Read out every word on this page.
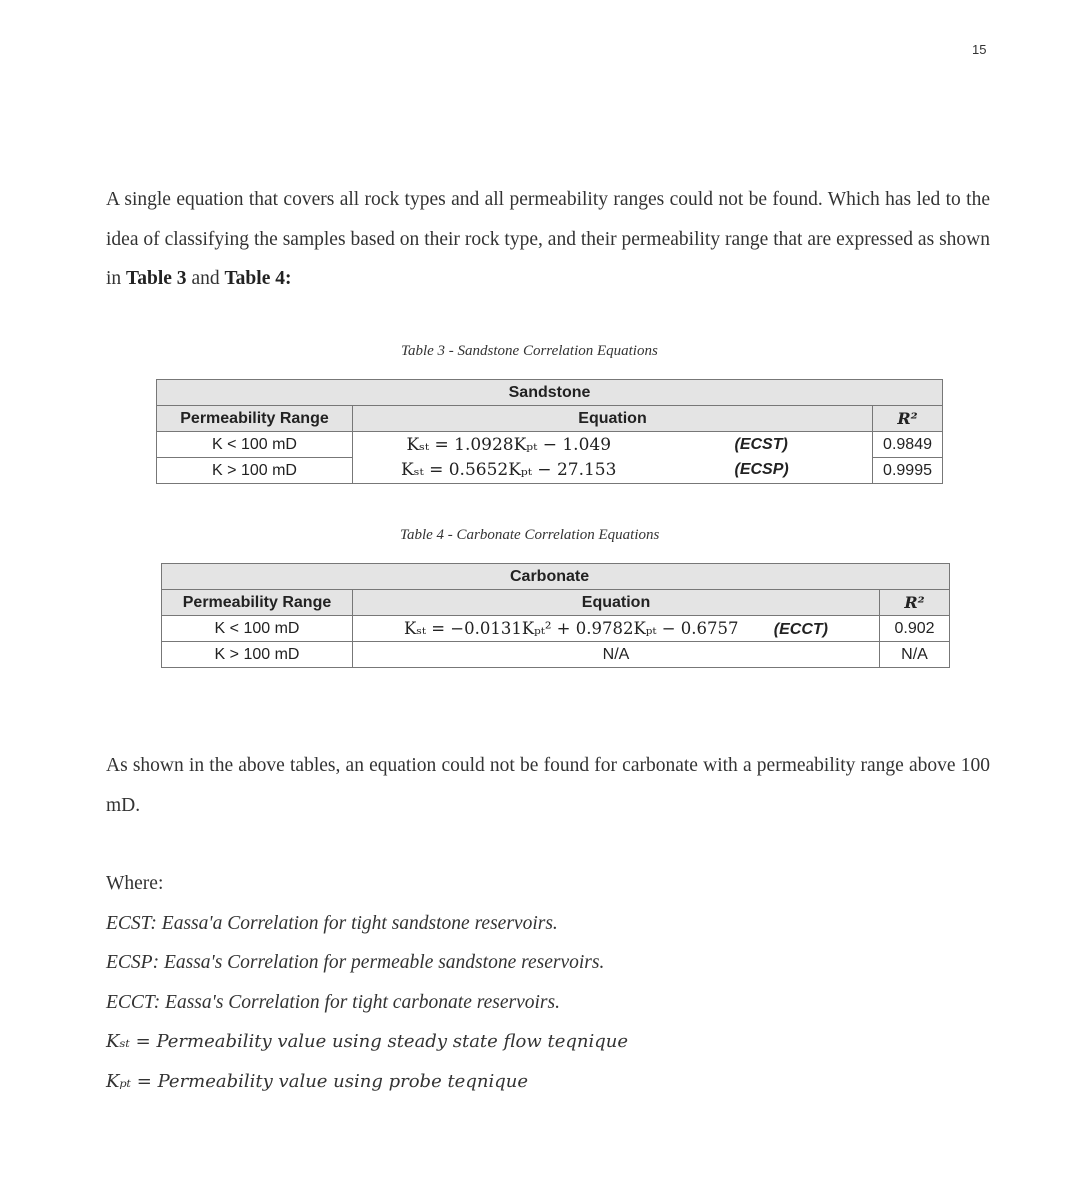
15

A single equation that covers all rock types and all permeability ranges could not be found. Which has led to the idea of classifying the samples based on their rock type, and their permeability range that are expressed as shown in Table 3 and Table 4:

Table 3 - Sandstone Correlation Equations
Sandstone			
Permeability Range	Equation		R²
K < 100 mD	Kₛₜ = 1.0928Kₚₜ − 1.049	(ECST)	0.9849
K > 100 mD	Kₛₜ = 0.5652Kₚₜ − 27.153	(ECSP)	0.9995
Table 4 - Carbonate Correlation Equations
Carbonate		
Permeability Range	Equation	R²
K < 100 mD	Kₛₜ = −0.0131Kₚₜ² + 0.9782Kₚₜ − 0.6757 (ECCT)	0.902
K > 100 mD	N/A	N/A

As shown in the above tables, an equation could not be found for carbonate with a permeability range above 100 mD.

Where:
ECST: Eassa'a Correlation for tight sandstone reservoirs.
ECSP: Eassa's Correlation for permeable sandstone reservoirs.
ECCT: Eassa's Correlation for tight carbonate reservoirs.
Kₛₜ = Permeability value using steady state flow teqnique
Kₚₜ = Permeability value using probe teqnique
